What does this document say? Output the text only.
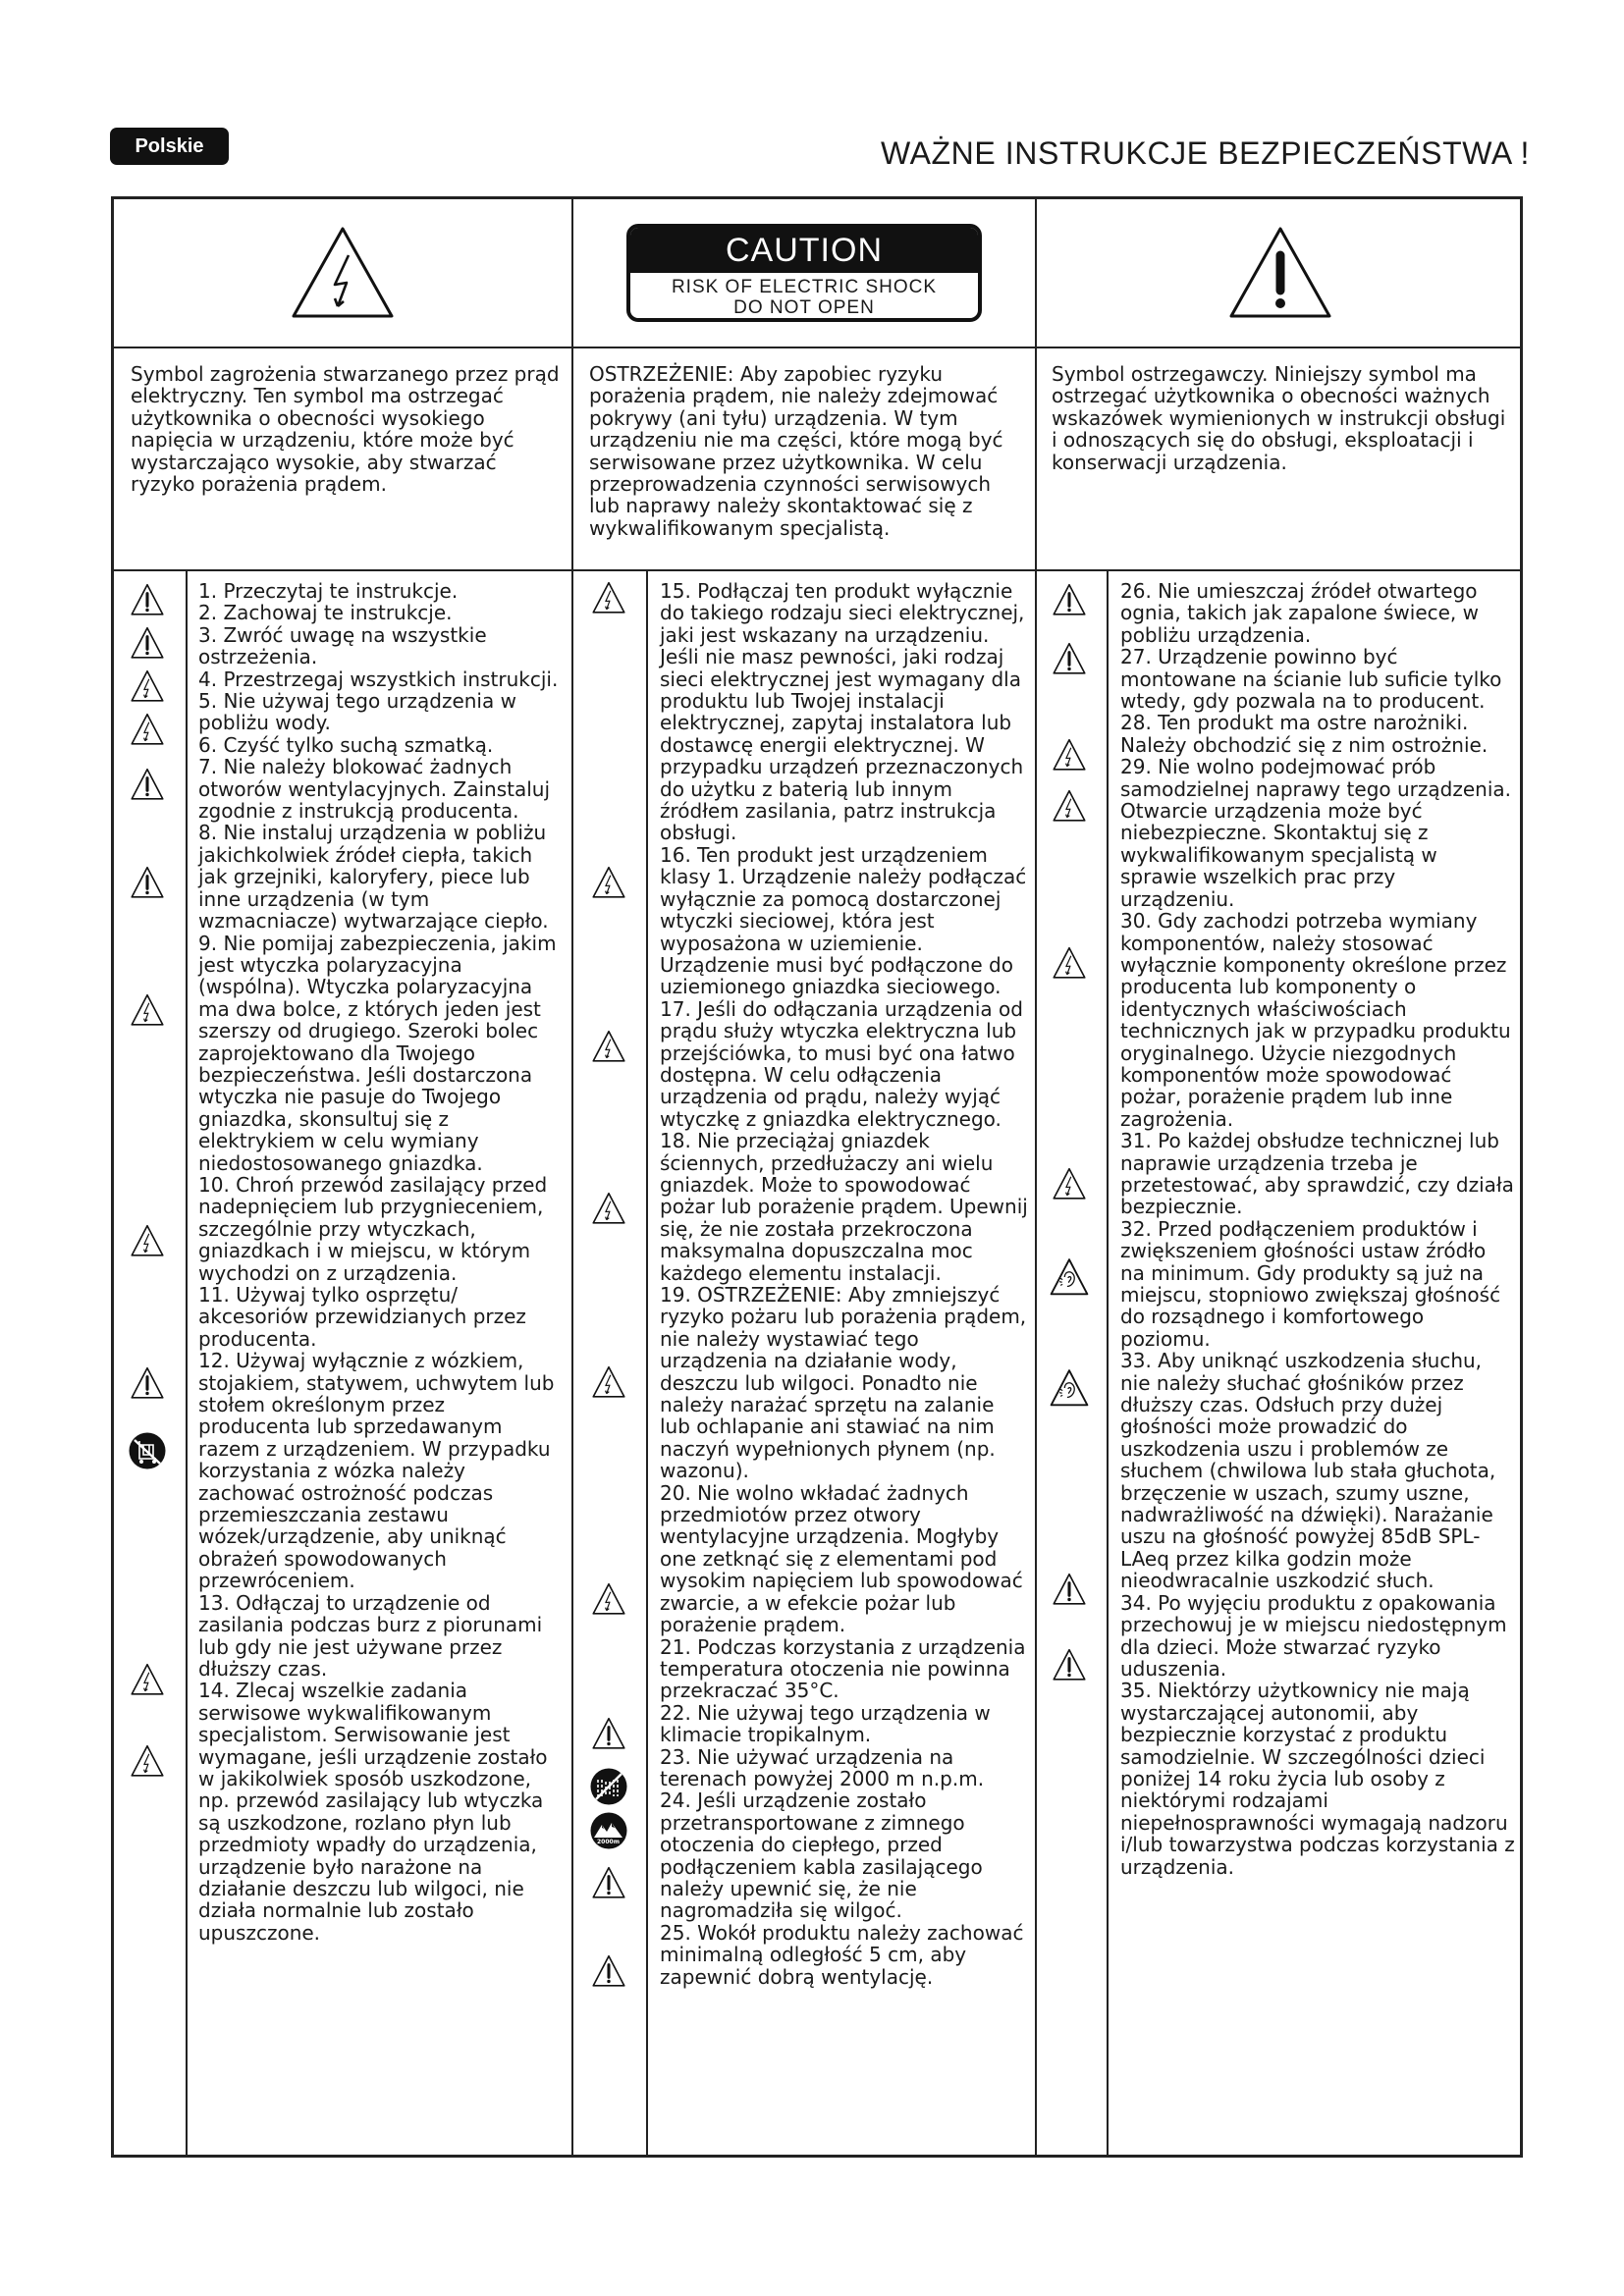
Polskie	WAŻNE INSTRUKCJE BEZPIECZEŃSTWA !
CAUTION
RISK OF ELECTRIC SHOCK
DO NOT OPEN
Symbol zagrożenia stwarzanego przez prąd elektryczny. Ten symbol ma ostrzegać użytkownika o obecności wysokiego napięcia w urządzeniu, które może być wystarczająco wysokie, aby stwarzać ryzyko porażenia prądem.
OSTRZEŻENIE: Aby zapobiec ryzyku porażenia prądem, nie należy zdejmować pokrywy (ani tyłu) urządzenia. W tym urządzeniu nie ma części, które mogą być serwisowane przez użytkownika. W celu przeprowadzenia czynności serwisowych lub naprawy należy skontaktować się z wykwalifikowanym specjalistą.
Symbol ostrzegawczy. Niniejszy symbol ma ostrzegać użytkownika o obecności ważnych wskazówek wymienionych w instrukcji obsługi i odnoszących się do obsługi, eksploatacji i konserwacji urządzenia.

1. Przeczytaj te instrukcje.

2. Zachowaj te instrukcje.

3. Zwróć uwagę na wszystkie ostrzeżenia.

4. Przestrzegaj wszystkich instrukcji.

5. Nie używaj tego urządzenia w pobliżu wody.

6. Czyść tylko suchą szmatką.

7. Nie należy blokować żadnych otworów wentylacyjnych. Zainstaluj zgodnie z instrukcją producenta.

8. Nie instaluj urządzenia w pobliżu jakichkolwiek źródeł ciepła, takich jak grzejniki, kaloryfery, piece lub inne urządzenia (w tym wzmacniacze) wytwarzające ciepło.

9. Nie pomijaj zabezpieczenia, jakim jest wtyczka polaryzacyjna (wspólna). Wtyczka polaryzacyjna ma dwa bolce, z których jeden jest szerszy od drugiego. Szeroki bolec zaprojektowano dla Twojego bezpieczeństwa. Jeśli dostarczona wtyczka nie pasuje do Twojego gniazdka, skonsultuj się z elektrykiem w celu wymiany niedostosowanego gniazdka.

10. Chroń przewód zasilający przed nadepnięciem lub przygnieceniem, szczególnie przy wtyczkach, gniazdkach i w miejscu, w którym wychodzi on z urządzenia.

11. Używaj tylko osprzętu/ akcesoriów przewidzianych przez producenta.

12. Używaj wyłącznie z wózkiem, stojakiem, statywem, uchwytem lub stołem określonym przez producenta lub sprzedawanym razem z urządzeniem. W przypadku korzystania z wózka należy zachować ostrożność podczas przemieszczania zestawu wózek/urządzenie, aby uniknąć obrażeń spowodowanych przewróceniem.

13. Odłączaj to urządzenie od zasilania podczas burz z piorunami lub gdy nie jest używane przez dłuższy czas.

14. Zlecaj wszelkie zadania serwisowe wykwalifikowanym specjalistom. Serwisowanie jest wymagane, jeśli urządzenie zostało w jakikolwiek sposób uszkodzone, np. przewód zasilający lub wtyczka są uszkodzone, rozlano płyn lub przedmioty wpadły do urządzenia, urządzenie było narażone na działanie deszczu lub wilgoci, nie działa normalnie lub zostało upuszczone.

15. Podłączaj ten produkt wyłącznie do takiego rodzaju sieci elektrycznej, jaki jest wskazany na urządzeniu. Jeśli nie masz pewności, jaki rodzaj sieci elektrycznej jest wymagany dla produktu lub Twojej instalacji elektrycznej, zapytaj instalatora lub dostawcę energii elektrycznej. W przypadku urządzeń przeznaczonych do użytku z baterią lub innym źródłem zasilania, patrz instrukcja obsługi.

16. Ten produkt jest urządzeniem klasy 1. Urządzenie należy podłączać wyłącznie za pomocą dostarczonej wtyczki sieciowej, która jest wyposażona w uziemienie. Urządzenie musi być podłączone do uziemionego gniazdka sieciowego.

17. Jeśli do odłączania urządzenia od prądu służy wtyczka elektryczna lub przejściówka, to musi być ona łatwo dostępna. W celu odłączenia urządzenia od prądu, należy wyjąć wtyczkę z gniazdka elektrycznego.

18. Nie przeciążaj gniazdek ściennych, przedłużaczy ani wielu gniazdek. Może to spowodować pożar lub porażenie prądem. Upewnij się, że nie została przekroczona maksymalna dopuszczalna moc każdego elementu instalacji.

19. OSTRZEŻENIE: Aby zmniejszyć ryzyko pożaru lub porażenia prądem, nie należy wystawiać tego urządzenia na działanie wody, deszczu lub wilgoci. Ponadto nie należy narażać sprzętu na zalanie lub ochlapanie ani stawiać na nim naczyń wypełnionych płynem (np. wazonu).

20. Nie wolno wkładać żadnych przedmiotów przez otwory wentylacyjne urządzenia. Mogłyby one zetknąć się z elementami pod wysokim napięciem lub spowodować zwarcie, a w efekcie pożar lub porażenie prądem.

21. Podczas korzystania z urządzenia temperatura otoczenia nie powinna przekraczać 35°C.

22. Nie używaj tego urządzenia w klimacie tropikalnym.

23. Nie używać urządzenia na terenach powyżej 2000 m n.p.m.

24. Jeśli urządzenie zostało przetransportowane z zimnego otoczenia do ciepłego, przed podłączeniem kabla zasilającego należy upewnić się, że nie nagromadziła się wilgoć.

25. Wokół produktu należy zachować minimalną odległość 5 cm, aby zapewnić dobrą wentylację.

26. Nie umieszczaj źródeł otwartego ognia, takich jak zapalone świece, w pobliżu urządzenia.

27. Urządzenie powinno być montowane na ścianie lub suficie tylko wtedy, gdy pozwala na to producent.

28. Ten produkt ma ostre narożniki. Należy obchodzić się z nim ostrożnie.

29. Nie wolno podejmować prób samodzielnej naprawy tego urządzenia. Otwarcie urządzenia może być niebezpieczne. Skontaktuj się z wykwalifikowanym specjalistą w sprawie wszelkich prac przy urządzeniu.

30. Gdy zachodzi potrzeba wymiany komponentów, należy stosować wyłącznie komponenty określone przez producenta lub komponenty o identycznych właściwościach technicznych jak w przypadku produktu oryginalnego. Użycie niezgodnych komponentów może spowodować pożar, porażenie prądem lub inne zagrożenia.

31. Po każdej obsłudze technicznej lub naprawie urządzenia trzeba je przetestować, aby sprawdzić, czy działa bezpiecznie.

32. Przed podłączeniem produktów i zwiększeniem głośności ustaw źródło na minimum. Gdy produkty są już na miejscu, stopniowo zwiększaj głośność do rozsądnego i komfortowego poziomu.

33. Aby uniknąć uszkodzenia słuchu, nie należy słuchać głośników przez dłuższy czas. Odsłuch przy dużej głośności może prowadzić do uszkodzenia uszu i problemów ze słuchem (chwilowa lub stała głuchota, brzęczenie w uszach, szumy uszne, nadwrażliwość na dźwięki). Narażanie uszu na głośność powyżej 85dB SPL-LAeq przez kilka godzin może nieodwracalnie uszkodzić słuch.

34. Po wyjęciu produktu z opakowania przechowuj je w miejscu niedostępnym dla dzieci. Może stwarzać ryzyko uduszenia.

35. Niektórzy użytkownicy nie mają wystarczającej autonomii, aby bezpiecznie korzystać z produktu samodzielnie. W szczególności dzieci poniżej 14 roku życia lub osoby z niektórymi rodzajami niepełnosprawności wymagają nadzoru i/lub towarzystwa podczas korzystania z urządzenia.

2000m
